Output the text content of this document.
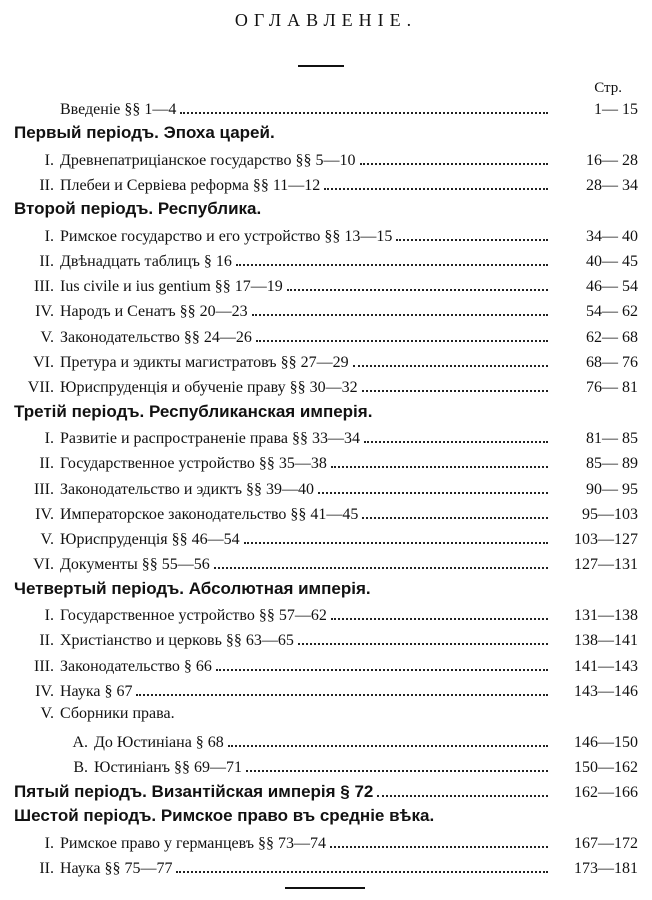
ОГЛАВЛЕНІЕ.
Стр.
Введеніе §§ 1—4	1— 15
Первый періодъ. Эпоха царей.
I. Древнепатриціанское государство §§ 5—10	16— 28
II. Плебеи и Сервіева реформа §§ 11—12	28— 34
Второй періодъ. Республика.
I. Римское государство и его устройство §§ 13—15	34— 40
II. Двѣнадцать таблицъ § 16	40— 45
III. Ius civile и ius gentium §§ 17—19	46— 54
IV. Народъ и Сенатъ §§ 20—23	54— 62
V. Законодательство §§ 24—26	62— 68
VI. Претура и эдикты магистратовъ §§ 27—29	68— 76
VII. Юриспруденція и обученіе праву §§ 30—32	76— 81
Третій періодъ. Республиканская имперія.
I. Развитіе и распространеніе права §§ 33—34	81— 85
II. Государственное устройство §§ 35—38	85— 89
III. Законодательство и эдиктъ §§ 39—40	90— 95
IV. Императорское законодательство §§ 41—45	95—103
V. Юриспруденція §§ 46—54	103—127
VI. Документы §§ 55—56	127—131
Четвертый періодъ. Абсолютная имперія.
I. Государственное устройство §§ 57—62	131—138
II. Христіанство и церковь §§ 63—65	138—141
III. Законодательство § 66	141—143
IV. Наука § 67	143—146
V. Сборники права.
A. До Юстиніана § 68	146—150
B. Юстиніанъ §§ 69—71	150—162
Пятый періодъ. Византійская имперія § 72	162—166
Шестой періодъ. Римское право въ средніе вѣка.
I. Римское право у германцевъ §§ 73—74	167—172
II. Наука §§ 75—77	173—181
